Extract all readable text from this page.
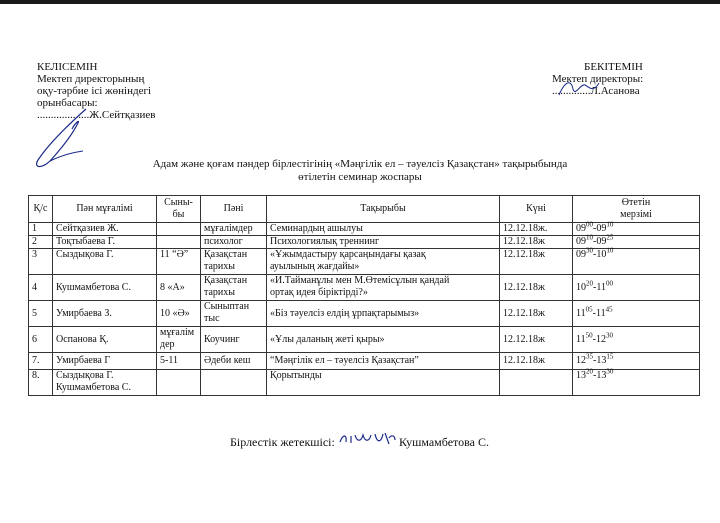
КЕЛІСЕМІН
Мектеп директорының
оқу-тәрбие ісі жөніндегі
орынбасары:
...................Ж.Сейтқазиев
БЕКІТЕМІН
Мектеп директоры:
..............Л.Асанова
Адам және қоғам пәндер бірлестігінің «Мәңгілік ел – тәуелсіз Қазақстан» тақырыбында
өтілетін семинар жоспары
Қ/с	Пән мұғалімі	Сыны-
бы	Пәні	Тақырыбы	Күні	Өтетін
мерзімі
1	Сейтқазиев Ж.		мұғалімдер	Семинардың ашылуы	12.12.18ж.	$09^{00}-09^{10}$
2	Тоқтыбаева Г.		психолог	Психологиялық треннинг	12.12.18ж	$09^{10}-09^{25}$
3	Сыздықова Г.	11 “Ә”	Қазақстан
тарихы	«Ұжымдастыру қарсаңындағы қазақ
ауылының жағдайы»	12.12.18ж	$09^{30}-10^{10}$
4	Кушмамбетова С.	8 «А»	Қазақстан
тарихы	«И.Тайманұлы мен М.Өтемісұлын қандай
ортақ идея біріктірді?»	12.12.18ж	$10^{20}-11^{00}$
5	Умирбаева З.	10 «Ә»	Сыныптан
тыс	«Біз тәуелсіз елдің ұрпақтарымыз»	12.12.18ж	$11^{05}-11^{45}$
6	Оспанова Қ.	мұғалім
дер	Коучинг	«Ұлы даланың жеті қыры»	12.12.18ж	$11^{50}-12^{30}$
7.	Умирбаева Г	5-11	Әдеби кеш	“Мәңгілік ел – тәуелсіз Қазақстан”	12.12.18ж	$12^{35}-13^{15}$
8.	Сыздықова Г.
Кушмамбетова С.			Қорытынды		$13^{20}-13^{30}$
Бірлестік жетекшісі:	Кушмамбетова С.
